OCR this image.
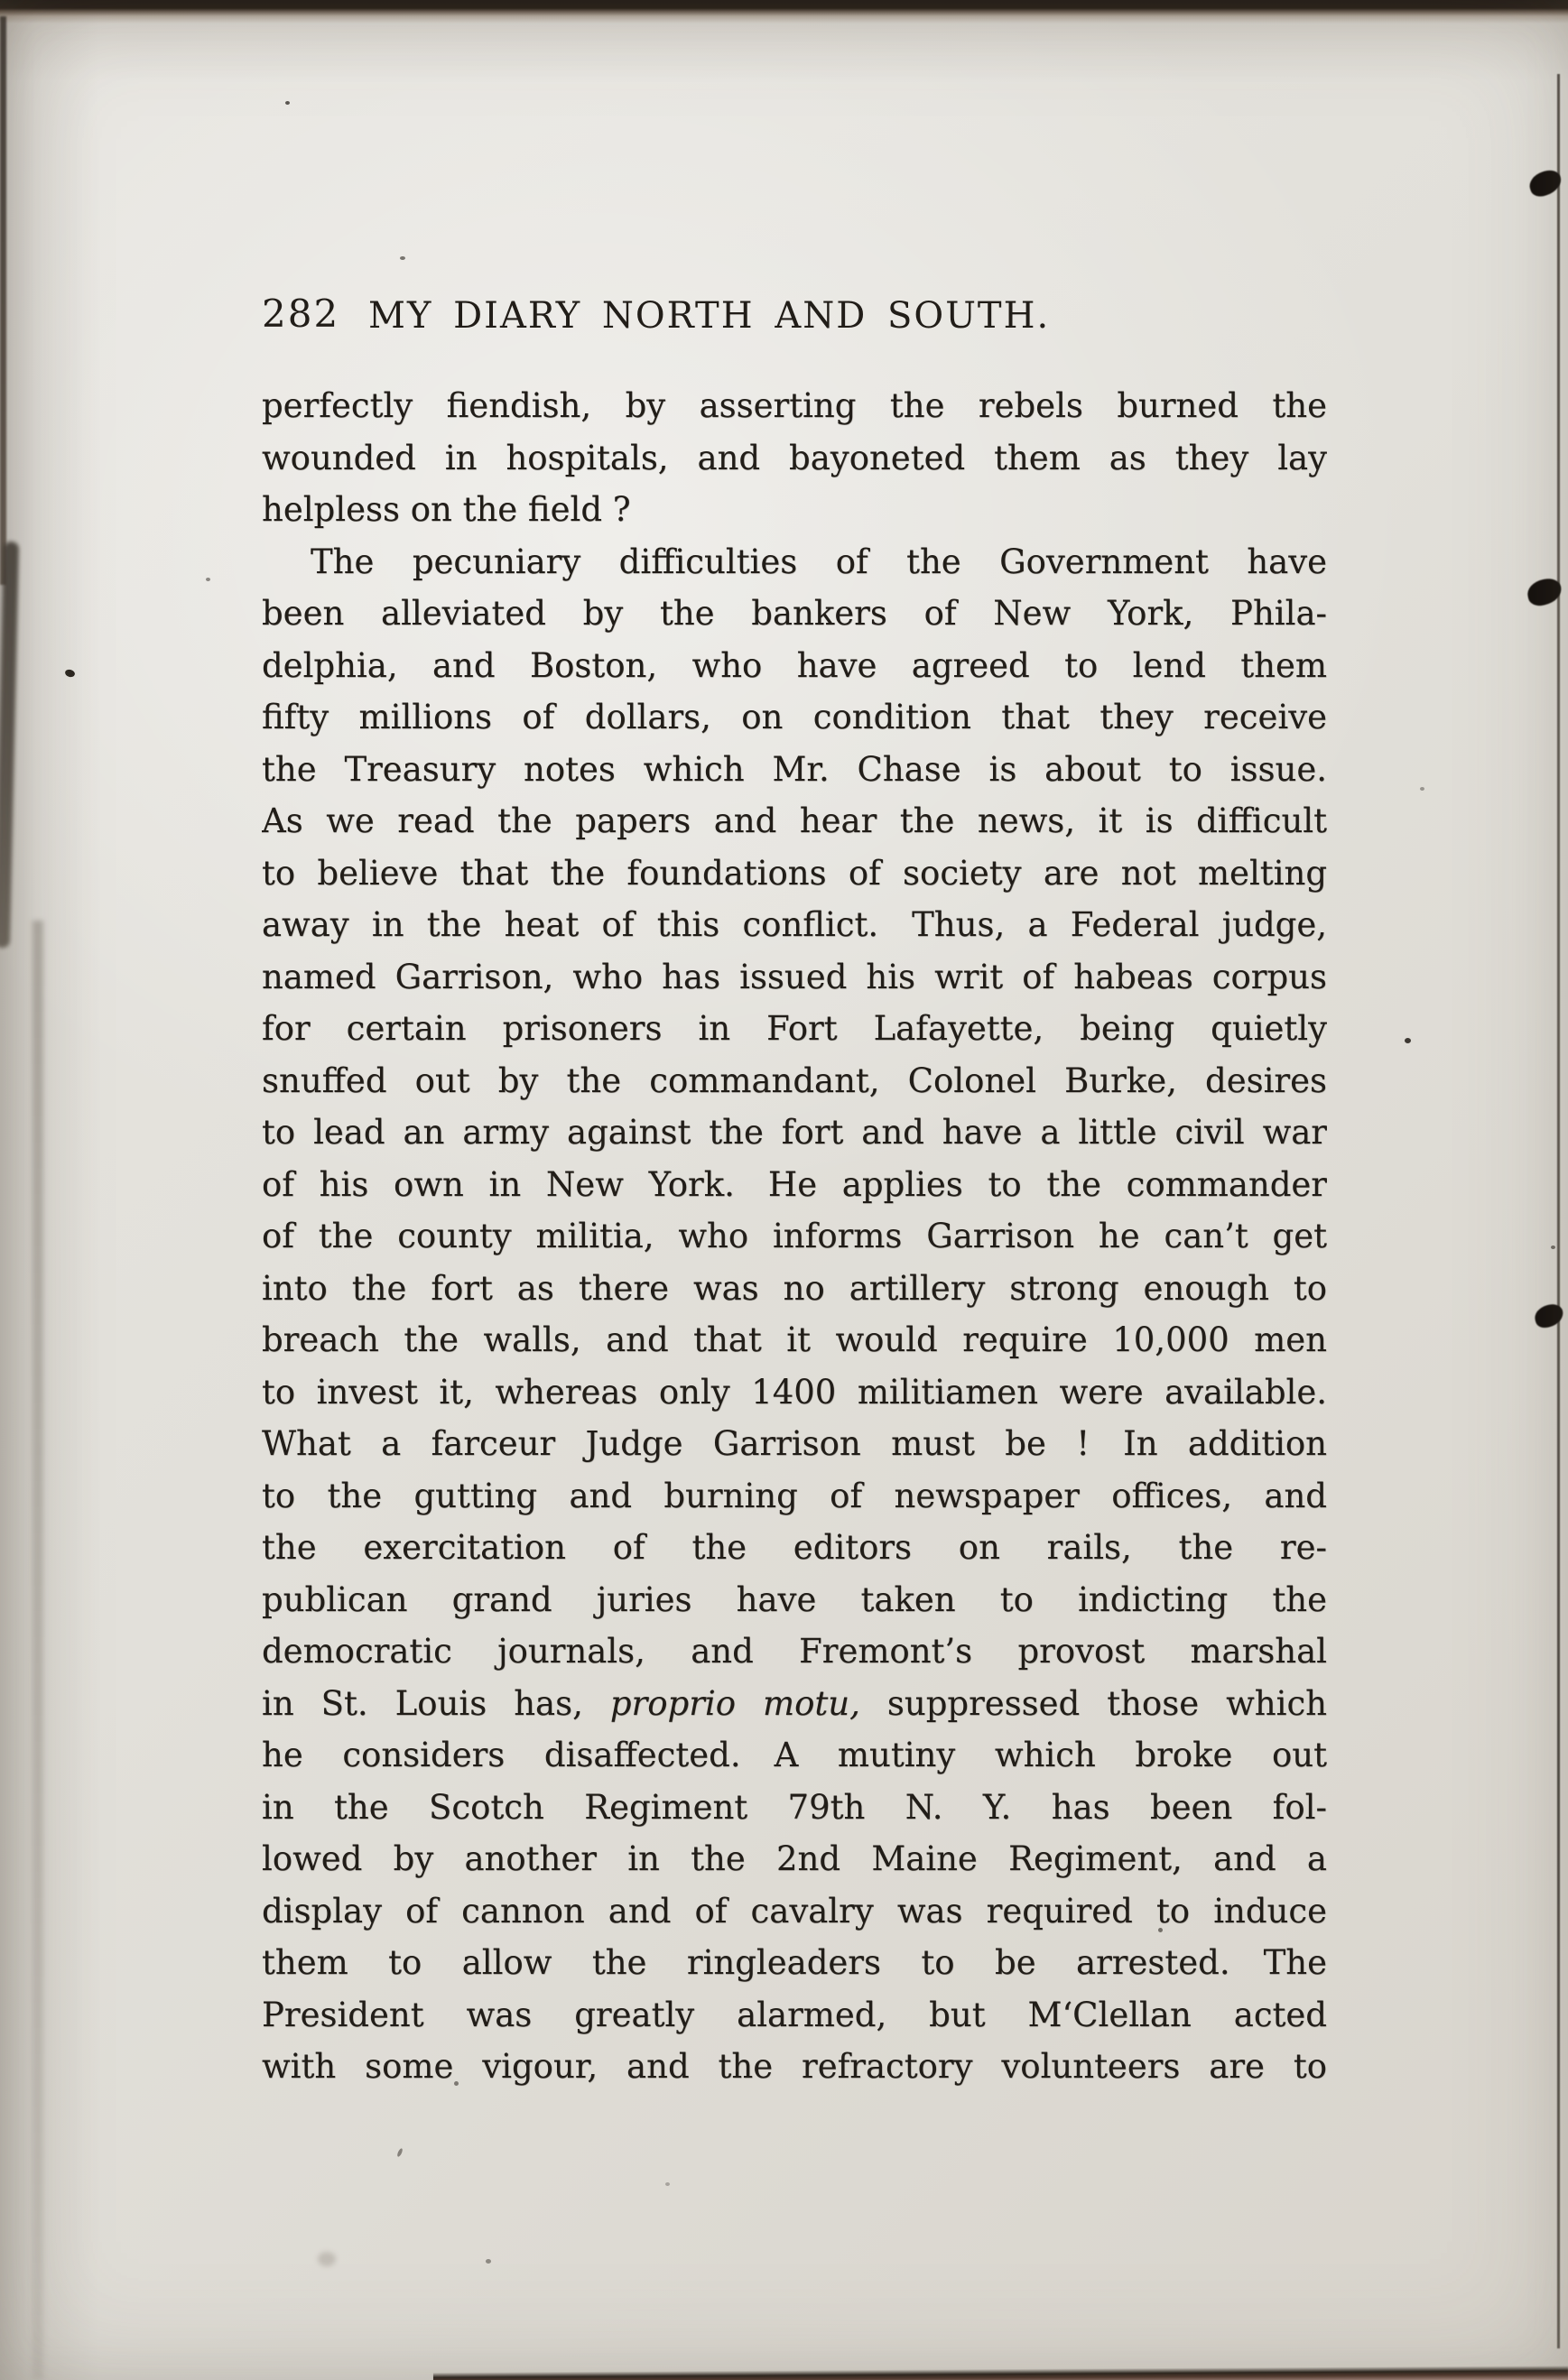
282 MY DIARY NORTH AND SOUTH.
perfectly fiendish, by asserting the rebels burned the
wounded in hospitals, and bayoneted them as they lay
helpless on the field ?
The pecuniary difficulties of the Government have
been alleviated by the bankers of New York, Phila-
delphia, and Boston, who have agreed to lend them
fifty millions of dollars, on condition that they receive
the Treasury notes which Mr. Chase is about to issue.
As we read the papers and hear the news, it is difficult
to believe that the foundations of society are not melting
away in the heat of this conflict. Thus, a Federal judge,
named Garrison, who has issued his writ of habeas corpus
for certain prisoners in Fort Lafayette, being quietly
snuffed out by the commandant, Colonel Burke, desires
to lead an army against the fort and have a little civil war
of his own in New York. He applies to the commander
of the county militia, who informs Garrison he can’t get
into the fort as there was no artillery strong enough to
breach the walls, and that it would require 10,000 men
to invest it, whereas only 1400 militiamen were available.
What a farceur Judge Garrison must be ! In addition
to the gutting and burning of newspaper offices, and
the exercitation of the editors on rails, the re-
publican grand juries have taken to indicting the
democratic journals, and Fremont’s provost marshal
in St. Louis has, proprio motu, suppressed those which
he considers disaffected. A mutiny which broke out
in the Scotch Regiment 79th N. Y. has been fol-
lowed by another in the 2nd Maine Regiment, and a
display of cannon and of cavalry was required to induce
them to allow the ringleaders to be arrested. The
President was greatly alarmed, but M‘Clellan acted
with some vigour, and the refractory volunteers are to
